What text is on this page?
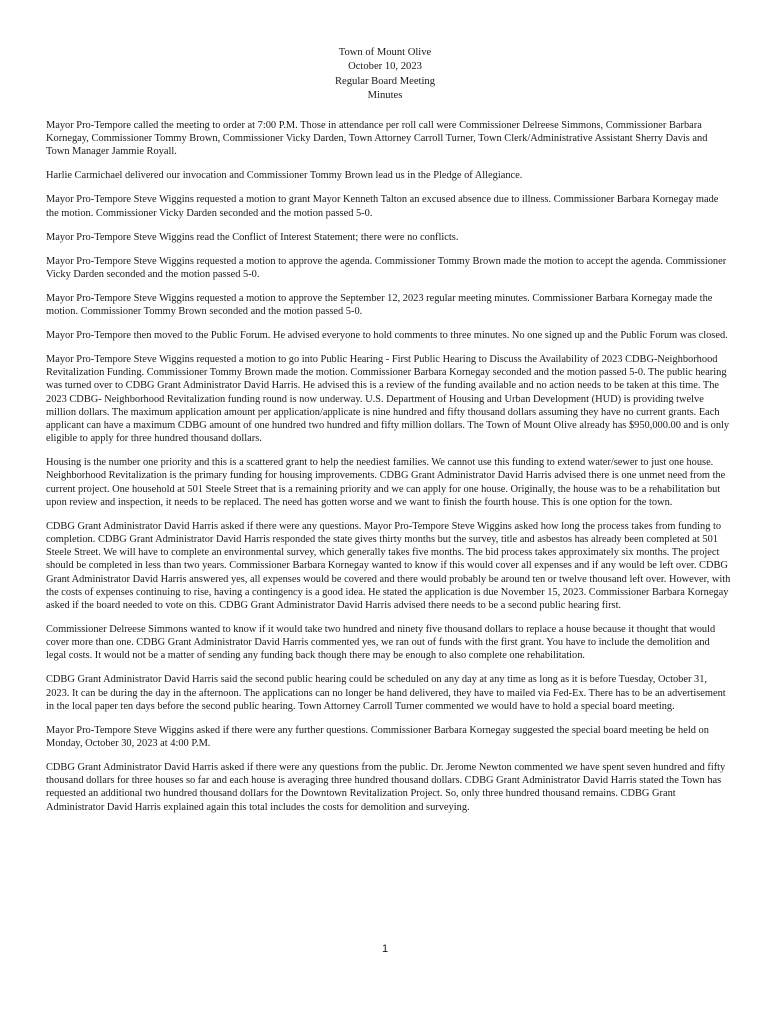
Town of Mount Olive
October 10, 2023
Regular Board Meeting
Minutes

Mayor Pro-Tempore called the meeting to order at 7:00 P.M. Those in attendance per roll call were Commissioner Delreese Simmons, Commissioner Barbara Kornegay, Commissioner Tommy Brown, Commissioner Vicky Darden, Town Attorney Carroll Turner, Town Clerk/Administrative Assistant Sherry Davis and Town Manager Jammie Royall.

Harlie Carmichael delivered our invocation and Commissioner Tommy Brown lead us in the Pledge of Allegiance.

Mayor Pro-Tempore Steve Wiggins requested a motion to grant Mayor Kenneth Talton an excused absence due to illness. Commissioner Barbara Kornegay made the motion. Commissioner Vicky Darden seconded and the motion passed 5-0.

Mayor Pro-Tempore Steve Wiggins read the Conflict of Interest Statement; there were no conflicts.

Mayor Pro-Tempore Steve Wiggins requested a motion to approve the agenda. Commissioner Tommy Brown made the motion to accept the agenda. Commissioner Vicky Darden seconded and the motion passed 5-0.

Mayor Pro-Tempore Steve Wiggins requested a motion to approve the September 12, 2023 regular meeting minutes. Commissioner Barbara Kornegay made the motion. Commissioner Tommy Brown seconded and the motion passed 5-0.

Mayor Pro-Tempore then moved to the Public Forum. He advised everyone to hold comments to three minutes. No one signed up and the Public Forum was closed.

Mayor Pro-Tempore Steve Wiggins requested a motion to go into Public Hearing - First Public Hearing to Discuss the Availability of 2023 CDBG-Neighborhood Revitalization Funding. Commissioner Tommy Brown made the motion. Commissioner Barbara Kornegay seconded and the motion passed 5-0. The public hearing was turned over to CDBG Grant Administrator David Harris. He advised this is a review of the funding available and no action needs to be taken at this time. The 2023 CDBG- Neighborhood Revitalization funding round is now underway. U.S. Department of Housing and Urban Development (HUD) is providing twelve million dollars. The maximum application amount per application/applicate is nine hundred and fifty thousand dollars assuming they have no current grants. Each applicant can have a maximum CDBG amount of one hundred two hundred and fifty million dollars. The Town of Mount Olive already has $950,000.00 and is only eligible to apply for three hundred thousand dollars.

Housing is the number one priority and this is a scattered grant to help the neediest families. We cannot use this funding to extend water/sewer to just one house. Neighborhood Revitalization is the primary funding for housing improvements. CDBG Grant Administrator David Harris advised there is one unmet need from the current project. One household at 501 Steele Street that is a remaining priority and we can apply for one house. Originally, the house was to be a rehabilitation but upon review and inspection, it needs to be replaced. The need has gotten worse and we want to finish the fourth house. This is one option for the town.

CDBG Grant Administrator David Harris asked if there were any questions. Mayor Pro-Tempore Steve Wiggins asked how long the process takes from funding to completion. CDBG Grant Administrator David Harris responded the state gives thirty months but the survey, title and asbestos has already been completed at 501 Steele Street. We will have to complete an environmental survey, which generally takes five months. The bid process takes approximately six months. The project should be completed in less than two years. Commissioner Barbara Kornegay wanted to know if this would cover all expenses and if any would be left over. CDBG Grant Administrator David Harris answered yes, all expenses would be covered and there would probably be around ten or twelve thousand left over. However, with the costs of expenses continuing to rise, having a contingency is a good idea. He stated the application is due November 15, 2023. Commissioner Barbara Kornegay asked if the board needed to vote on this. CDBG Grant Administrator David Harris advised there needs to be a second public hearing first.

Commissioner Delreese Simmons wanted to know if it would take two hundred and ninety five thousand dollars to replace a house because it thought that would cover more than one. CDBG Grant Administrator David Harris commented yes, we ran out of funds with the first grant. You have to include the demolition and legal costs. It would not be a matter of sending any funding back though there may be enough to also complete one rehabilitation.

CDBG Grant Administrator David Harris said the second public hearing could be scheduled on any day at any time as long as it is before Tuesday, October 31, 2023. It can be during the day in the afternoon. The applications can no longer be hand delivered, they have to mailed via Fed-Ex. There has to be an advertisement in the local paper ten days before the second public hearing. Town Attorney Carroll Turner commented we would have to hold a special board meeting.

Mayor Pro-Tempore Steve Wiggins asked if there were any further questions. Commissioner Barbara Kornegay suggested the special board meeting be held on Monday, October 30, 2023 at 4:00 P.M.

CDBG Grant Administrator David Harris asked if there were any questions from the public. Dr. Jerome Newton commented we have spent seven hundred and fifty thousand dollars for three houses so far and each house is averaging three hundred thousand dollars. CDBG Grant Administrator David Harris stated the Town has requested an additional two hundred thousand dollars for the Downtown Revitalization Project. So, only three hundred thousand remains. CDBG Grant Administrator David Harris explained again this total includes the costs for demolition and surveying.

1
